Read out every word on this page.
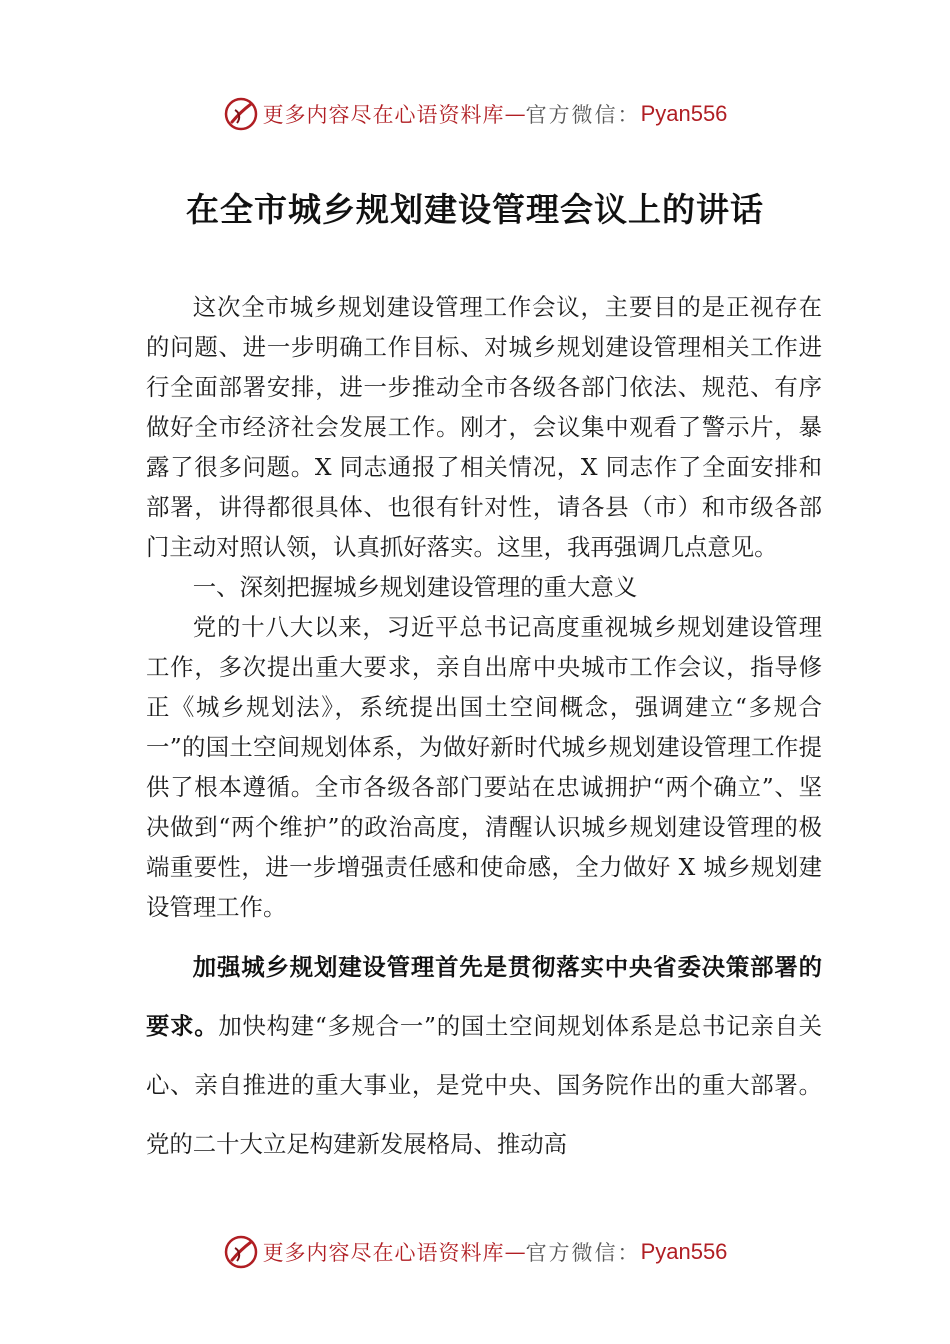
更多内容尽在心语资料库 — 官方微信： Pyan556
在全市城乡规划建设管理会议上的讲话

这次全市城乡规划建设管理工作会议，主要目的是正视存在的问题、进一步明确工作目标、对城乡规划建设管理相关工作进行全面部署安排，进一步推动全市各级各部门依法、规范、有序做好全市经济社会发展工作。刚才，会议集中观看了警示片，暴露了很多问题。X 同志通报了相关情况，X 同志作了全面安排和部署，讲得都很具体、也很有针对性，请各县（市）和市级各部门主动对照认领，认真抓好落实。这里，我再强调几点意见。

一、深刻把握城乡规划建设管理的重大意义

党的十八大以来，习近平总书记高度重视城乡规划建设管理工作，多次提出重大要求，亲自出席中央城市工作会议，指导修正《城乡规划法》，系统提出国土空间概念，强调建立“多规合一”的国土空间规划体系，为做好新时代城乡规划建设管理工作提供了根本遵循。全市各级各部门要站在忠诚拥护“两个确立”、坚决做到“两个维护”的政治高度，清醒认识城乡规划建设管理的极端重要性，进一步增强责任感和使命感，全力做好 X 城乡规划建设管理工作。

加强城乡规划建设管理首先是贯彻落实中央省委决策部署的要求。加快构建“多规合一”的国土空间规划体系是总书记亲自关心、亲自推进的重大事业，是党中央、国务院作出的重大部署。党的二十大立足构建新发展格局、推动高

更多内容尽在心语资料库 — 官方微信： Pyan556
